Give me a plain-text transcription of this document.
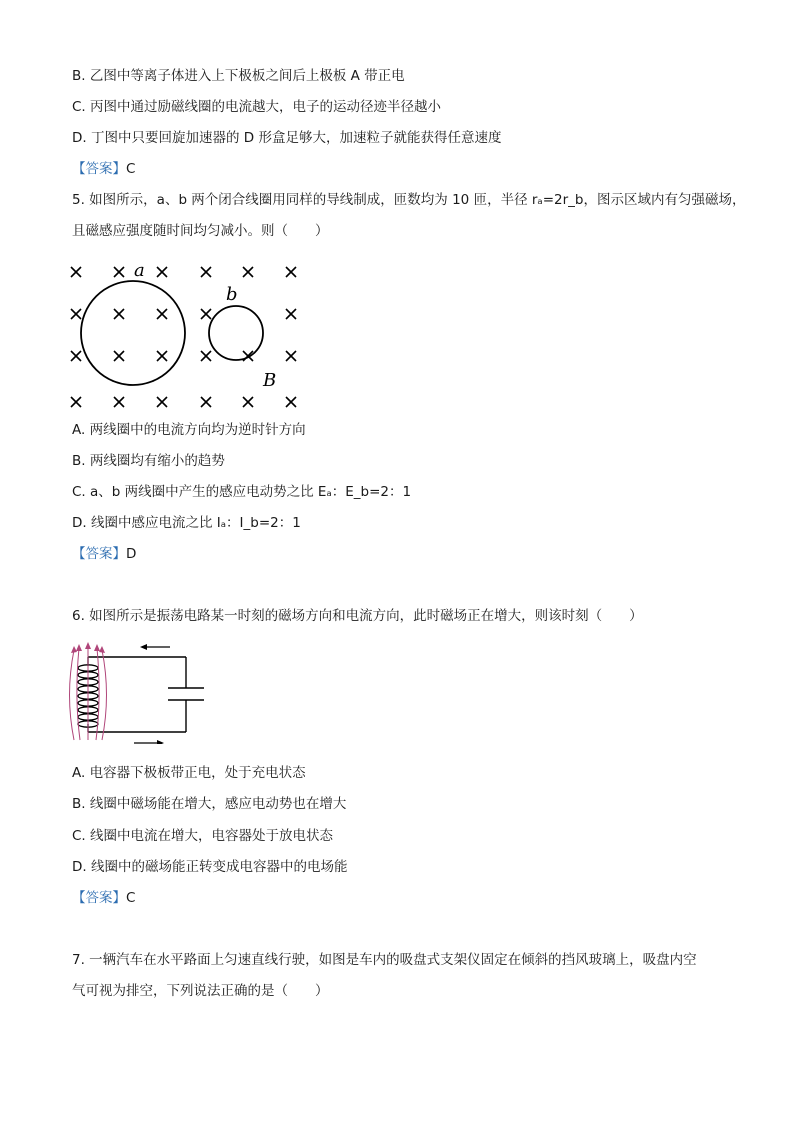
B. 乙图中等离子体进入上下极板之间后上极板 A 带正电
C. 丙图中通过励磁线圈的电流越大，电子的运动径迹半径越小
D. 丁图中只要回旋加速器的 D 形盒足够大，加速粒子就能获得任意速度
【答案】C
5. 如图所示，a、b 两个闭合线圈用同样的导线制成，匝数均为 10 匝，半径 rₐ=2r_b，图示区域内有匀强磁场，
且磁感应强度随时间均匀减小。则（　　）
a
b
B
A. 两线圈中的电流方向均为逆时针方向
B. 两线圈均有缩小的趋势
C. a、b 两线圈中产生的感应电动势之比 Eₐ：E_b=2：1
D. 线圈中感应电流之比 Iₐ：I_b=2：1
【答案】D
6. 如图所示是振荡电路某一时刻的磁场方向和电流方向，此时磁场正在增大，则该时刻（　　）
A. 电容器下极板带正电，处于充电状态
B. 线圈中磁场能在增大，感应电动势也在增大
C. 线圈中电流在增大，电容器处于放电状态
D. 线圈中的磁场能正转变成电容器中的电场能
【答案】C
7. 一辆汽车在水平路面上匀速直线行驶，如图是车内的吸盘式支架仪固定在倾斜的挡风玻璃上，吸盘内空
气可视为排空，下列说法正确的是（　　）
